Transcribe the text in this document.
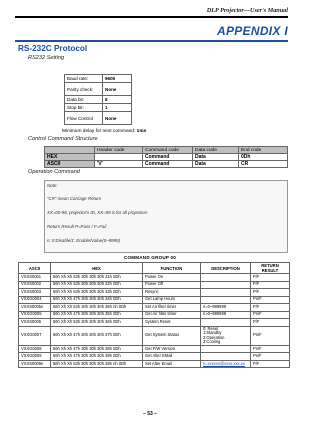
DLP Projector—User's Manual
APPENDIX I
RS-232C Protocol
RS232 Setting
Baud rate:	9600
Parity check:	None
Data bit:	8
Stop bit:	1
Flow Control	None
Minimum delay for next command: 1ms
Control Command Structure
	Header code	Command code	Data code	End code
HEX		Command	Data	0Dh
ASCII	'V'	Command	Data	CR
Operation Command
Note:
"CR" mean Carriage Return
XX=00-98, projector's ID, XX=99 is for all projectors
Return Result P=Pass / F=Fail
n: 0:Disable/1: Enable/Value(0~9999)
COMMAND GROUP 00
ASCII	HEX	FUNCTION	DESCRIPTION	RETURN RESULT
VXXS0001	56h Xh Xh 53h 30h 30h 30h 31h 0Dh	Power On		P/F
VXXS0002	56h Xh Xh 53h 30h 30h 30h 32h 0Dh	Power Off		P/F
VXXS0003	56h Xh Xh 53h 30h 30h 30h 33h 0Dh	Resync		P/F
VXXG0004	56h Xh Xh 47h 30h 30h 30h 34h 0Dh	Get Lamp Hours		Pn/F
VXXS0005n	56h Xh Xh 53h 30h 30h 30h 35h nh 0Dh	Set Air filter timer	n=0~999999	P/F
VXXG0005	56h Xh Xh 47h 30h 30h 30h 35h 0Dh	Get Air filter timer	n=0~999999	Pn/F
VXXS0006	56h Xh Xh 53h 30h 30h 30h 36h 0Dh	System Reset		P/F
VXXG0007	56h Xh Xh 47h 30h 30h 30h 37h 0Dh	Get System Status	0: Reset
1:Standby
2:Operation
3:Cooling	Pn/F
VXXG0008	56h Xh Xh 47h 30h 30h 30h 38h 0Dh	Get F/W Version		Pn/F
VXXG0009	56h Xh Xh 47h 30h 30h 30h 39h 0Dh	Get Alter EMail		Pn/F
VXXS0009n	56h Xh Xh 53h 30h 30h 30h 39h nh 0Dh	Set Alter Email	n=xxxxxx@xxxx.xxx.xx	P/F
– 53 –
